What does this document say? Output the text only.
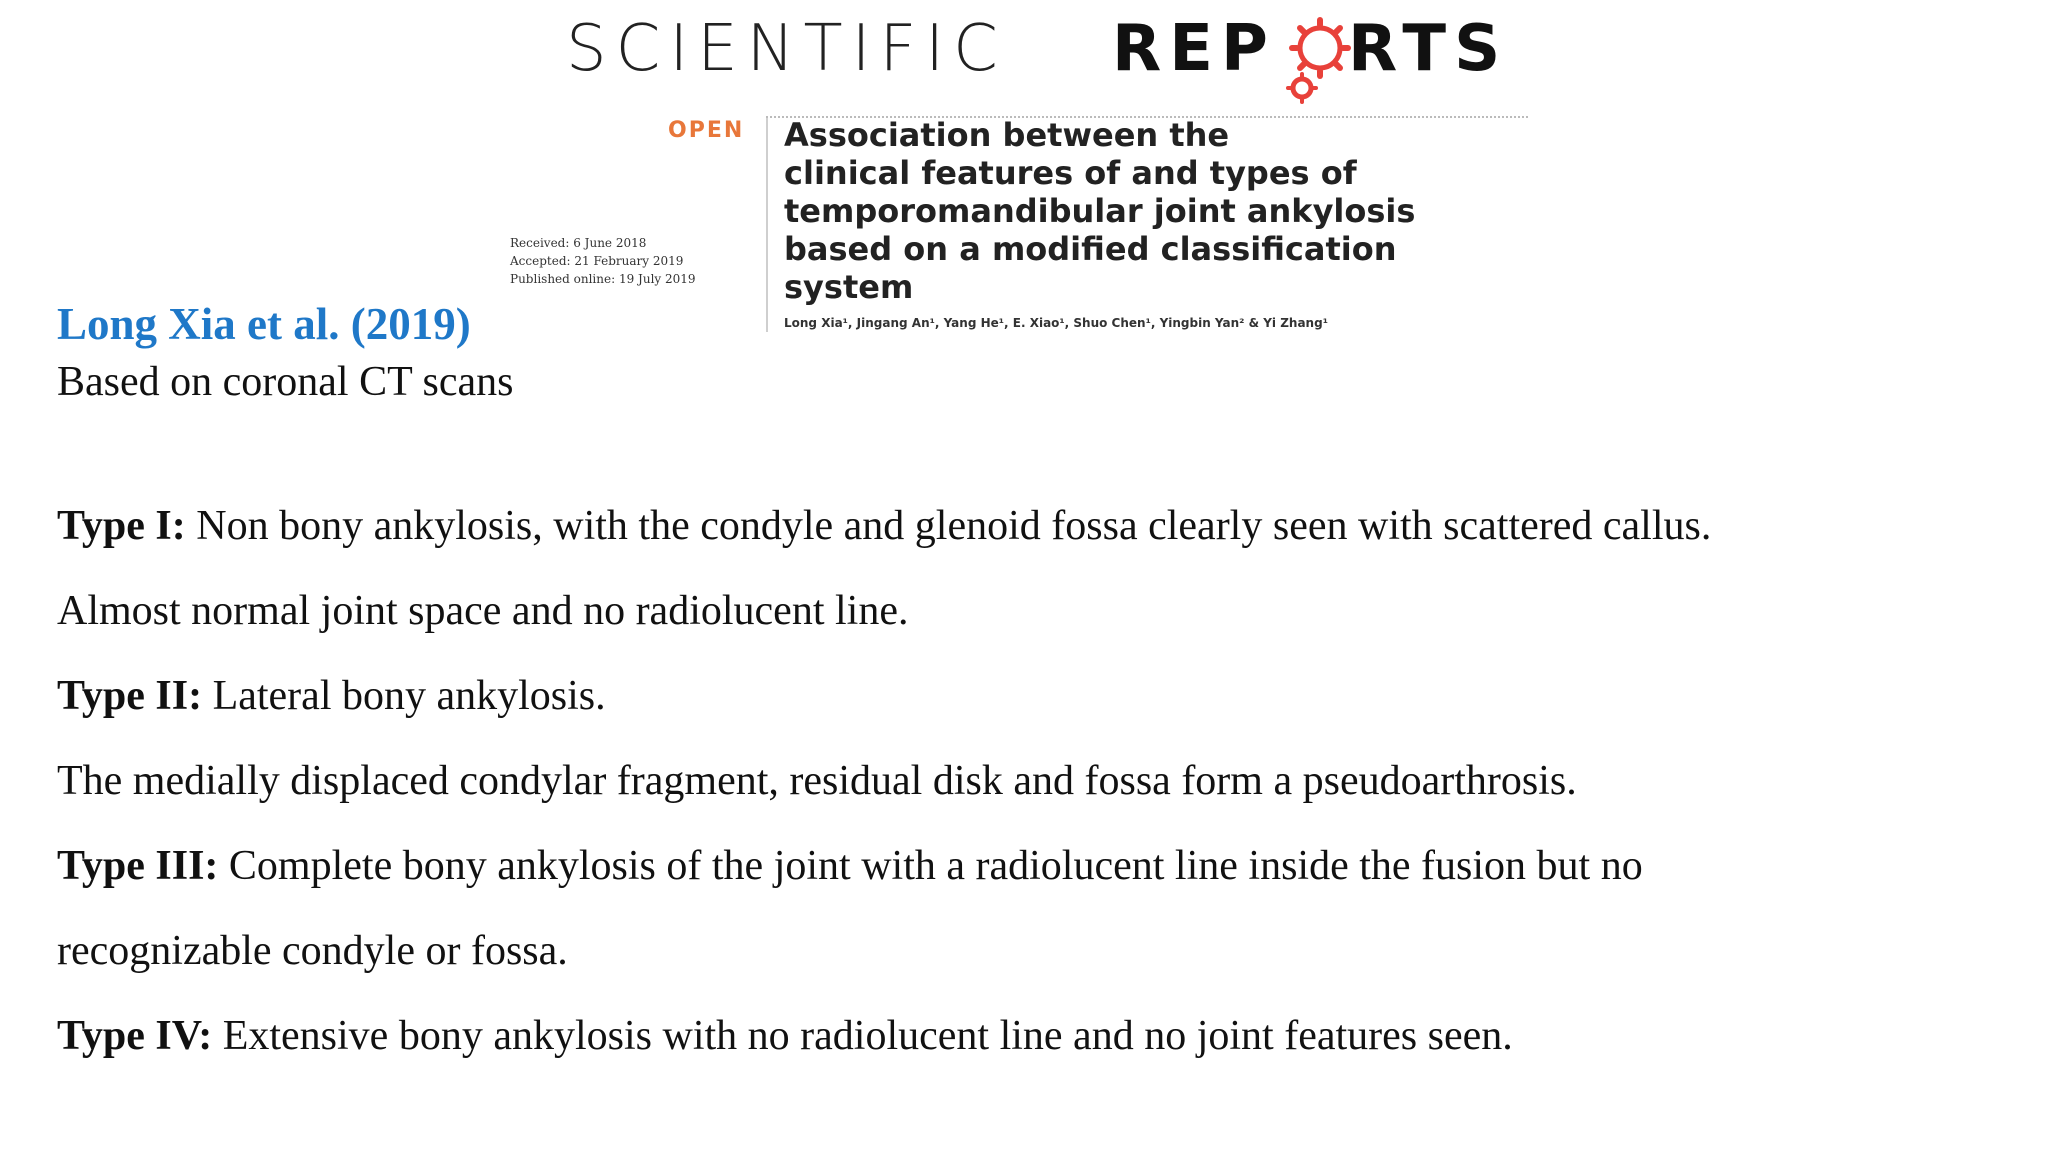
SCIENTIFIC REP RTS
OPEN Association between the
clinical features of and types of
temporomandibular joint ankylosis
based on a modified classification
system
Received: 6 June 2018
Accepted: 21 February 2019
Published online: 19 July 2019
Long Xia¹, Jingang An¹, Yang He¹, E. Xiao¹, Shuo Chen¹, Yingbin Yan² & Yi Zhang¹
Long Xia et al. (2019)
Based on coronal CT scans
Type I: Non bony ankylosis, with the condyle and glenoid fossa clearly seen with scattered callus.
Almost normal joint space and no radiolucent line.
Type II: Lateral bony ankylosis.
The medially displaced condylar fragment, residual disk and fossa form a pseudoarthrosis.
Type III: Complete bony ankylosis of the joint with a radiolucent line inside the fusion but no
recognizable condyle or fossa.
Type IV: Extensive bony ankylosis with no radiolucent line and no joint features seen.
